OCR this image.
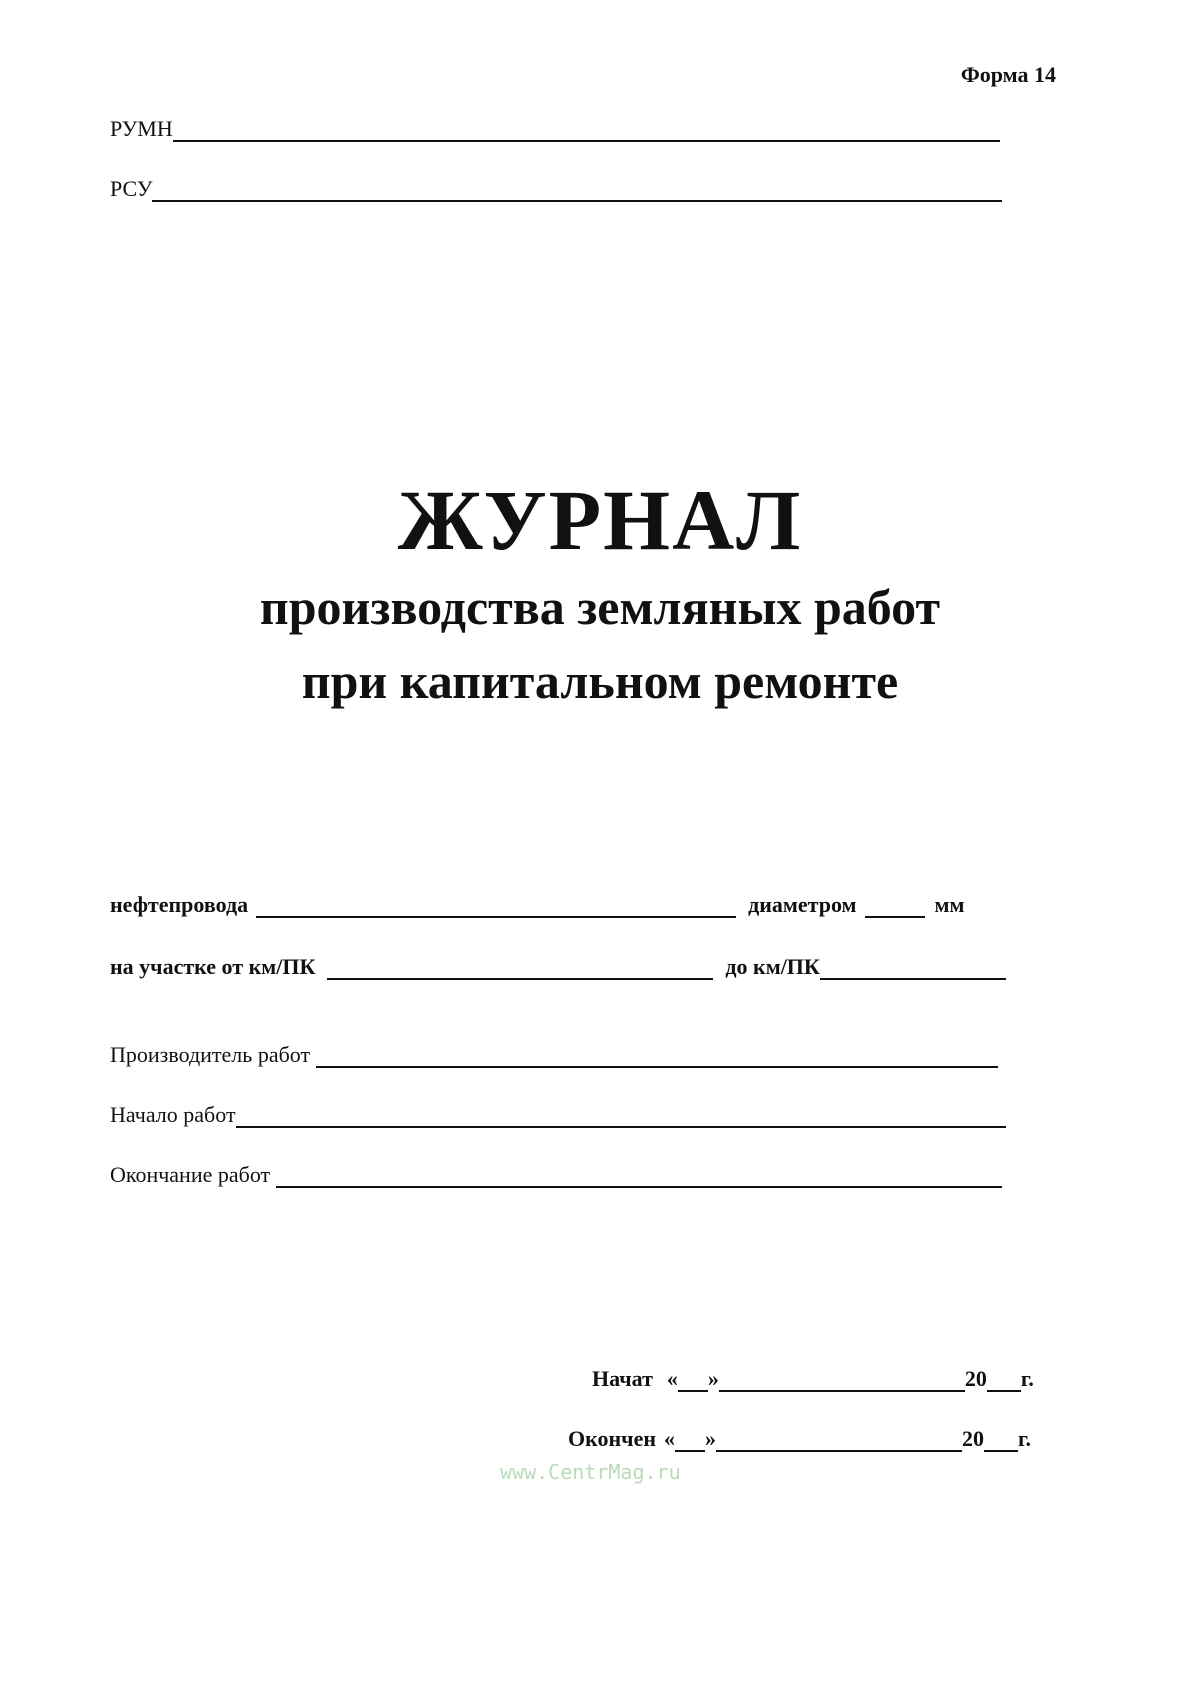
Форма 14
РУМН
РСУ
ЖУРНАЛ
производства земляных работ
при капитальном ремонте
нефтепровода	диаметром	мм
на участке от км/ПК	до км/ПК
Производитель работ
Начало работ
Окончание работ
Начат « »	20 г.
Окончен « »	20 г.
www.CentrMag.ru
